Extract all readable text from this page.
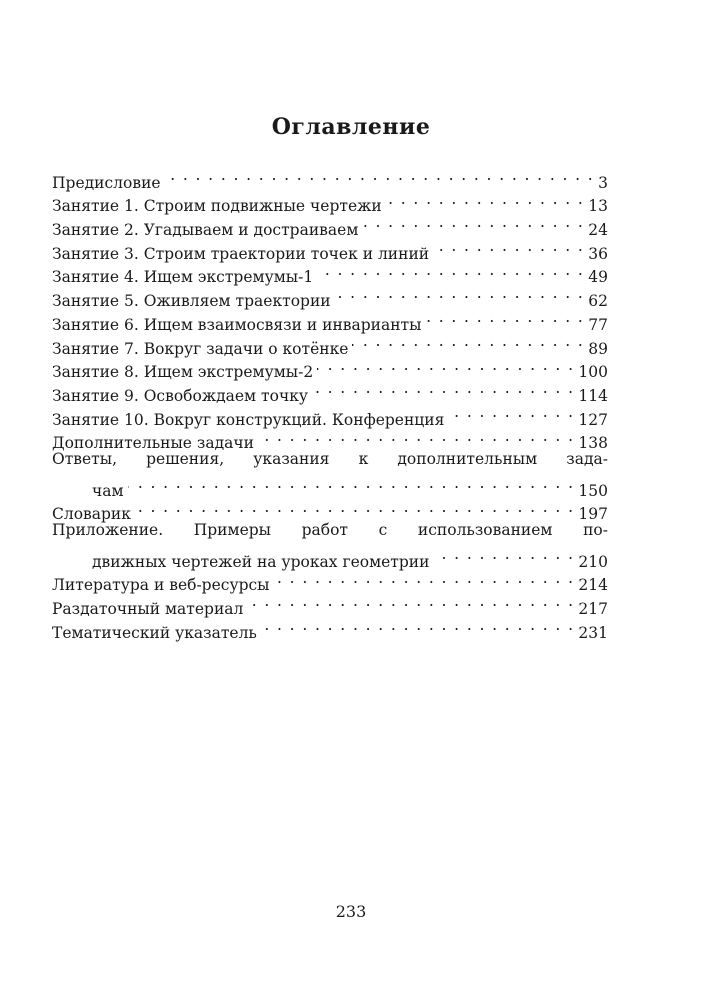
Оглавление
Предисловие . . .	3
Занятие 1. Строим подвижные чертежи . . .	13
Занятие 2. Угадываем и достраиваем . . .	24
Занятие 3. Строим траектории точек и линий . . .	36
Занятие 4. Ищем экстремумы-1 . . .	49
Занятие 5. Оживляем траектории . . .	62
Занятие 6. Ищем взаимосвязи и инварианты . . .	77
Занятие 7. Вокруг задачи о котёнке . . .	89
Занятие 8. Ищем экстремумы-2 . . .	100
Занятие 9. Освобождаем точку . . .	114
Занятие 10. Вокруг конструкций. Конференция . . .	127
Дополнительные задачи . . .	138
Ответы, решения, указания к дополнительным зада-
чам . . .	150
Словарик . . .	197
Приложение. Примеры работ с использованием по-
движных чертежей на уроках геометрии . . .	210
Литература и веб-ресурсы . . .	214
Раздаточный материал . . .	217
Тематический указатель . . .	231
233
